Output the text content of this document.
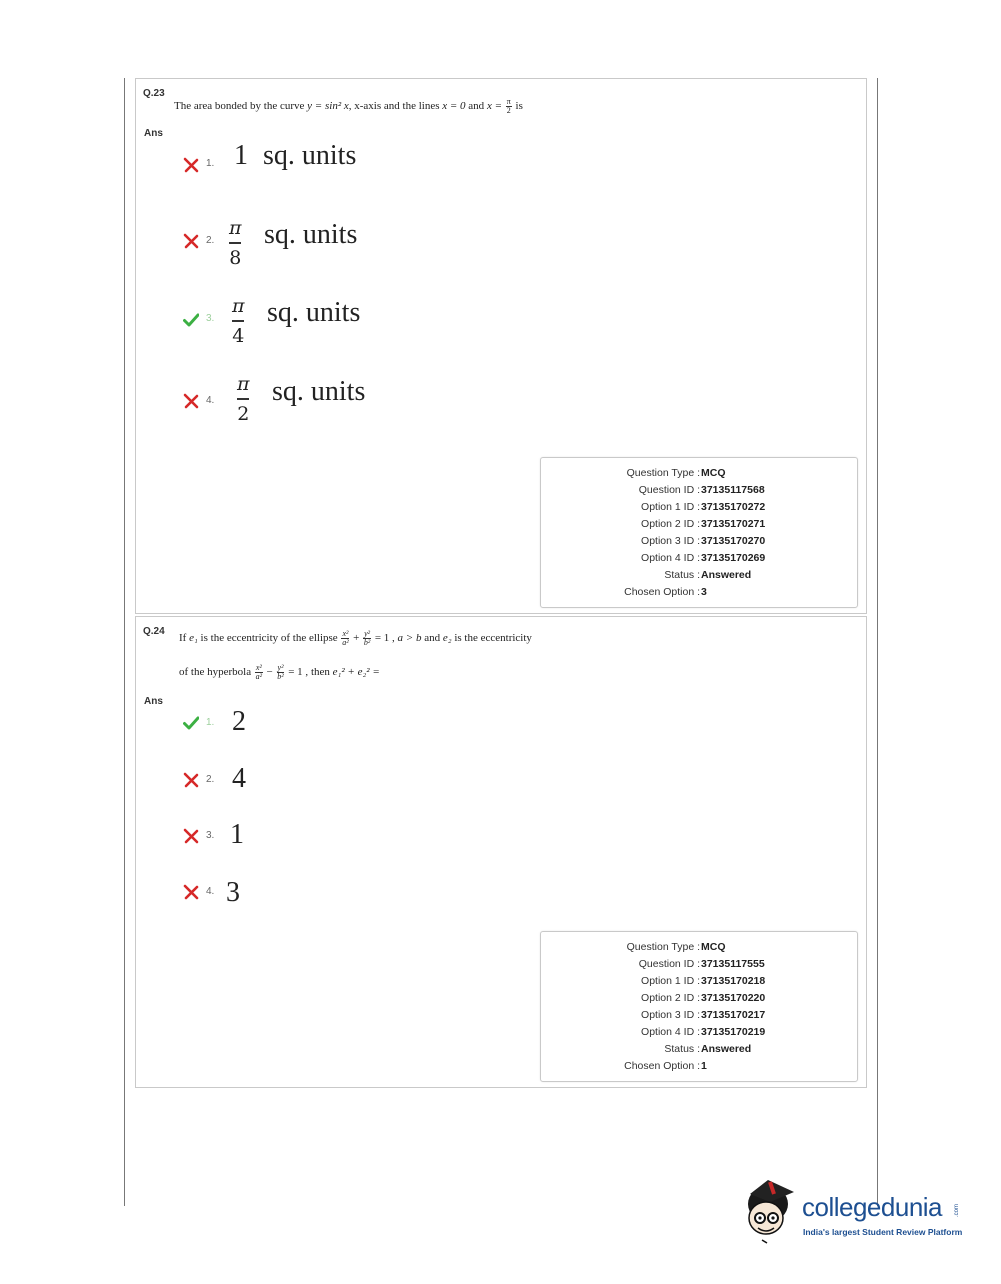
Q.23
The area bonded by the curve y = sin² x, x-axis and the lines x = 0 and $x = \frac{\pi}{2}$ is
Ans
1. 1 sq. units
2.
π
8
sq. units
3.
π
4
sq. units
4.
π
2
sq. units
Question Type : MCQ
Question ID : 37135117568
Option 1 ID : 37135170272
Option 2 ID : 37135170271
Option 3 ID : 37135170270
Option 4 ID : 37135170269
Status : Answered
Chosen Option : 3
Q.24
If e₁ is the eccentricity of the ellipse $\frac{\text{x²}}{\text{a²}} + \frac{\text{y²}}{\text{b²}} = 1$ , a > b and e₂ is the eccentricity
of the hyperbola $\frac{\text{x²}}{\text{a²}} - \frac{\text{y²}}{\text{b²}} = 1$ , then e₁² + e₂² =
Ans
1. 2
2. 4
3. 1
4. 3
Question Type : MCQ
Question ID : 37135117555
Option 1 ID : 37135170218
Option 2 ID : 37135170220
Option 3 ID : 37135170217
Option 4 ID : 37135170219
Status : Answered
Chosen Option : 1
collegedunia .com
India's largest Student Review Platform
